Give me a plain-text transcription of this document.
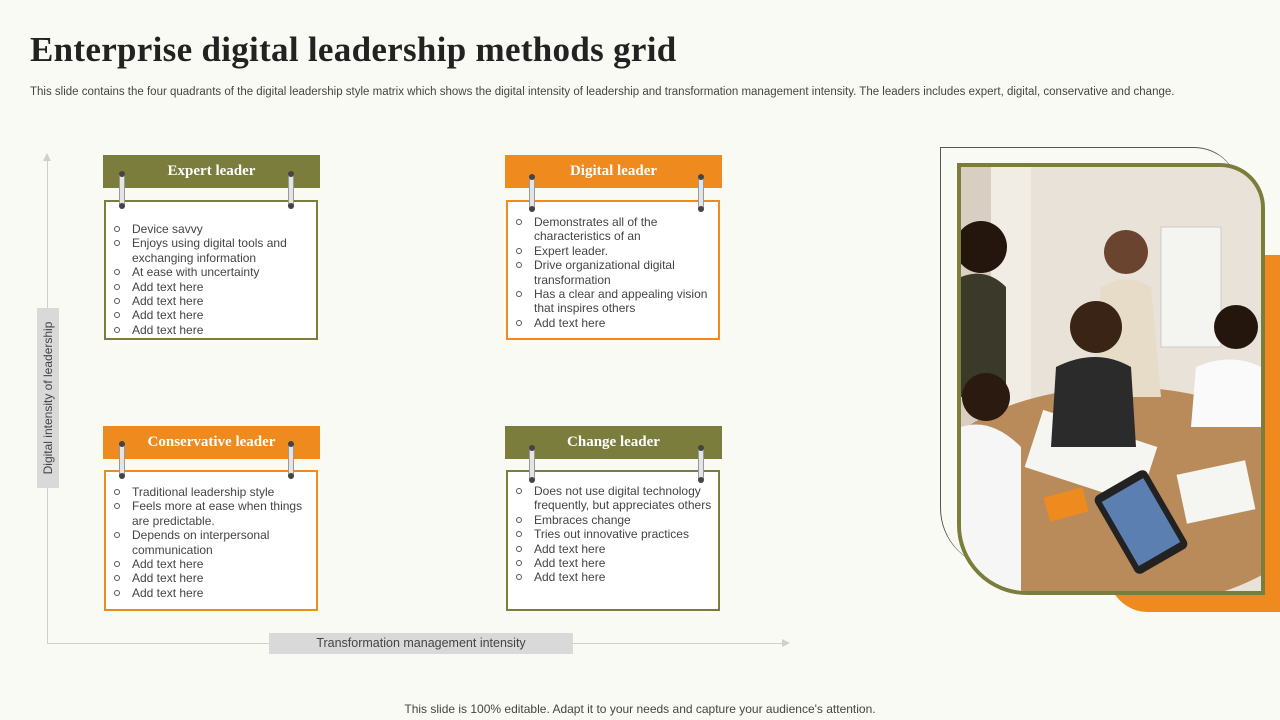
Enterprise digital leadership methods grid
This slide contains the four quadrants of the digital leadership style matrix which shows the digital intensity of leadership and transformation management intensity. The leaders includes expert, digital, conservative and change.
Digital intensity of leadership
Transformation management intensity
Expert leader
Device savvy
Enjoys using digital tools and exchanging information
At ease with uncertainty
Add text here
Add text here
Add text here
Add text here
Digital leader
Demonstrates all of the characteristics of an
Expert leader.
Drive organizational digital transformation
Has a clear and appealing vision that inspires others
Add text here
Conservative leader
Traditional leadership style
Feels more at ease when things are predictable.
Depends on interpersonal communication
Add text here
Add text here
Add text here
Change leader
Does not use digital technology frequently, but appreciates others
Embraces change
Tries out innovative practices
Add text here
Add text here
Add text here
This slide is 100% editable. Adapt it to your needs and capture your audience's attention.
